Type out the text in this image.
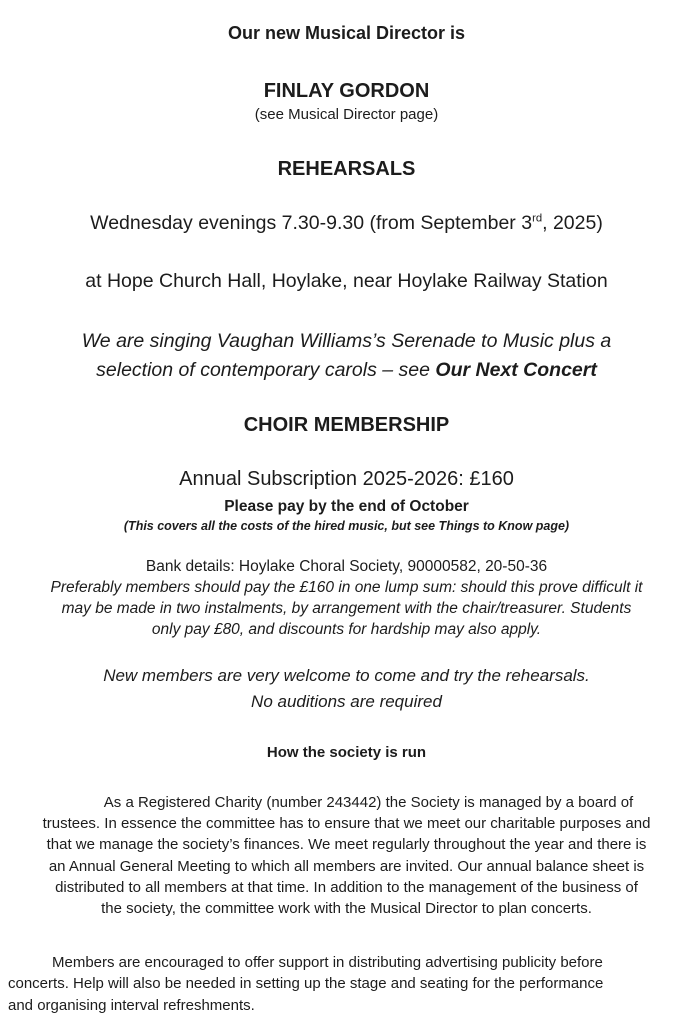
Our new Musical Director is

FINLAY GORDON

(see Musical Director page)

REHEARSALS

Wednesday evenings 7.30-9.30 (from September 3rd, 2025)

at Hope Church Hall, Hoylake, near Hoylake Railway Station

We are singing Vaughan Williams’s Serenade to Music plus a
selection of contemporary carols – see Our Next Concert

CHOIR MEMBERSHIP

Annual Subscription 2025-2026: £160

Please pay by the end of October

(This covers all the costs of the hired music, but see Things to Know page)

Bank details: Hoylake Choral Society, 90000582, 20-50-36

Preferably members should pay the £160 in one lump sum: should this prove difficult it
may be made in two instalments, by arrangement with the chair/treasurer. Students
only pay £80, and discounts for hardship may also apply.

New members are very welcome to come and try the rehearsals.

No auditions are required

How the society is run

As a Registered Charity (number 243442) the Society is managed by a board of
trustees. In essence the committee has to ensure that we meet our charitable purposes and
that we manage the society’s finances. We meet regularly throughout the year and there is
an Annual General Meeting to which all members are invited. Our annual balance sheet is
distributed to all members at that time. In addition to the management of the business of
the society, the committee work with the Musical Director to plan concerts.

Members are encouraged to offer support in distributing advertising publicity before
concerts. Help will also be needed in setting up the stage and seating for the performance
and organising interval refreshments.
